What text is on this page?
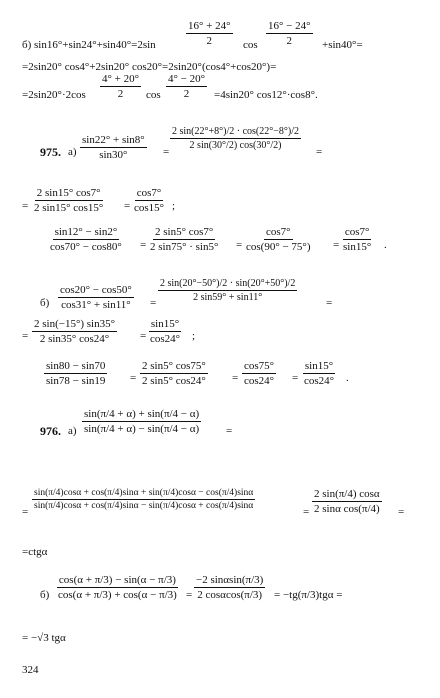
б) sin16°+sin24°+sin40°=2sin	$\frac{16^\circ + 24^\circ}{2}$ $\cos \frac{16^\circ - 24^\circ}{2} +\sin 40^\circ=$
=2sin20° cos4°+2sin20° cos20°=2sin20°(cos4°+cos20°)=
$=2\sin 20^\circ\cdot 2\cos \frac{4^\circ + 20^\circ}{2}$ $\cos \frac{4^\circ - 20^\circ}{2} =4\sin 20^\circ$ cos12°·cos8°.
975. $а) \frac{\sin 22^\circ + \sin 8^\circ}{\sin 30^\circ}$ =
$\frac{2 \sin(22^\circ+8^\circ)/2 \cdot \cos(22^\circ-8^\circ)/2}{2 \sin(30^\circ/2) \cos(30^\circ/2)}$
=
= $\frac{2 \sin 15^\circ \cos 7^\circ}{2 \sin 15^\circ \cos 15^\circ} = \frac{\cos 7^\circ}{\cos 15^\circ}$ ;
$\frac{\sin 12^\circ - \sin 2^\circ}{\cos 70^\circ - \cos 80^\circ} = \frac{2 \sin 5^\circ \cos 7^\circ}{2 \sin 75^\circ \cdot \sin 5^\circ} = \frac{\cos 7^\circ}{\cos(90^\circ - 75^\circ)} = \frac{\cos 7^\circ}{\sin 15^\circ}$ .
$б) \frac{\cos 20^\circ - \cos 50^\circ}{\cos 31^\circ + \sin 11^\circ} = \frac{2 \sin(20^\circ-50^\circ)/2 \cdot \sin(20^\circ+50^\circ)/2}{2 \sin 59^\circ + \sin 11^\circ}$	=
= $\frac{2 \sin(-15^\circ) \sin 35^\circ}{2 \sin 35^\circ \cos 24^\circ} = \frac{\sin 15^\circ}{\cos 24^\circ}$ ;
$\frac{\sin 80 - \sin 70}{\sin 78 - \sin 19} = \frac{2 \sin 5^\circ \cos 75^\circ}{2 \sin 5^\circ \cos 24^\circ} = \frac{\cos 75^\circ}{\cos 24^\circ} = \frac{\sin 15^\circ}{\cos 24^\circ}$ .
976. $а) \frac{\sin(\pi/4 + \alpha) + \sin(\pi/4 - \alpha)}{\sin(\pi/4 + \alpha) - \sin(\pi/4 - \alpha)}$ =
=
$\frac{\sin(\pi/4)\cos\alpha + \cos(\pi/4)\sin\alpha + \sin(\pi/4)\cos\alpha - \cos(\pi/4)\sin\alpha}{\sin(\pi/4)\cos\alpha + \cos(\pi/4)\sin\alpha - \sin(\pi/4)\cos\alpha + \cos(\pi/4)\sin\alpha}$
= $\frac{2 \sin(\pi/4) \cos\alpha}{\text{2 sinα cos(π/4)}}$ =
=ctgα
$б) \frac{\cos(\alpha + \pi/3) - \sin(\alpha - \pi/3)}{\cos(\alpha + \pi/3) + \cos(\alpha - \pi/3)} = \frac{-2 \sin\alpha\sin(\pi/3)}{2 \cos\alpha\cos(\pi/3)} = -tg(\pi/3)tg\alpha$ =
= −√3 tgα
324
